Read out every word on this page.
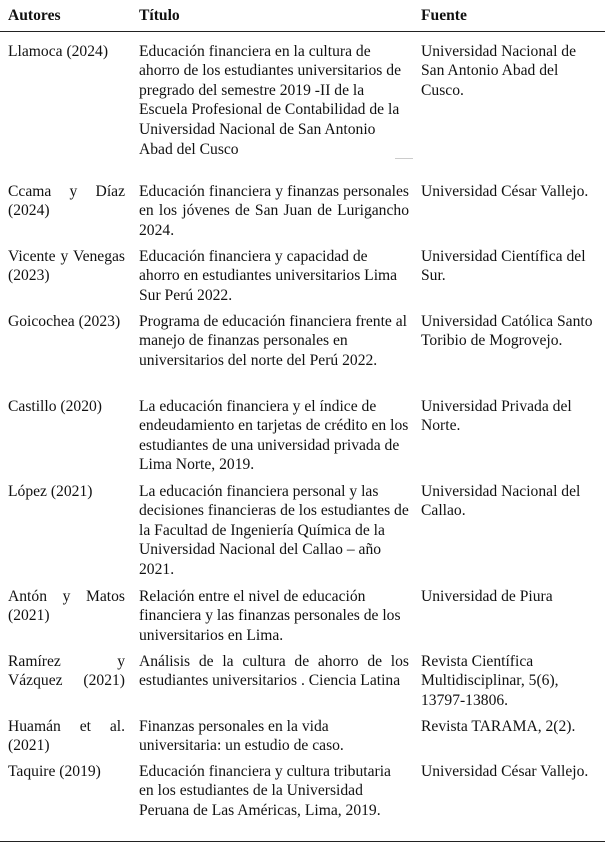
Autores	Título	Fuente
Llamoca (2024)	Educación financiera en la cultura de ahorro de los estudiantes universitarios de pregrado del semestre 2019 -II de la Escuela Profesional de Contabilidad de la Universidad Nacional de San Antonio Abad del Cusco	Universidad Nacional de San Antonio Abad del Cusco.
Ccama y Díaz (2024)	Educación financiera y finanzas personales en los jóvenes de San Juan de Lurigancho 2024.	Universidad César Vallejo.
Vicente y Venegas (2023)	Educación financiera y capacidad de ahorro en estudiantes universitarios Lima Sur Perú 2022.	Universidad Científica del Sur.
Goicochea (2023)	Programa de educación financiera frente al manejo de finanzas personales en universitarios del norte del Perú 2022.	Universidad Católica Santo Toribio de Mogrovejo.
Castillo (2020)	La educación financiera y el índice de endeudamiento en tarjetas de crédito en los estudiantes de una universidad privada de Lima Norte, 2019.	Universidad Privada del Norte.
López (2021)	La educación financiera personal y las decisiones financieras de los estudiantes de la Facultad de Ingeniería Química de la Universidad Nacional del Callao – año 2021.	Universidad Nacional del Callao.
Antón y Matos (2021)	Relación entre el nivel de educación financiera y las finanzas personales de los universitarios en Lima.	Universidad de Piura
Ramírez y Vázquez (2021)	Análisis de la cultura de ahorro de los estudiantes universitarios . Ciencia Latina	Revista Científica Multidisciplinar, 5(6), 13797-13806.
Huamán et al. (2021)	Finanzas personales en la vida universitaria: un estudio de caso.	Revista TARAMA, 2(2).
Taquire (2019)	Educación financiera y cultura tributaria en los estudiantes de la Universidad Peruana de Las Américas, Lima, 2019.	Universidad César Vallejo.
